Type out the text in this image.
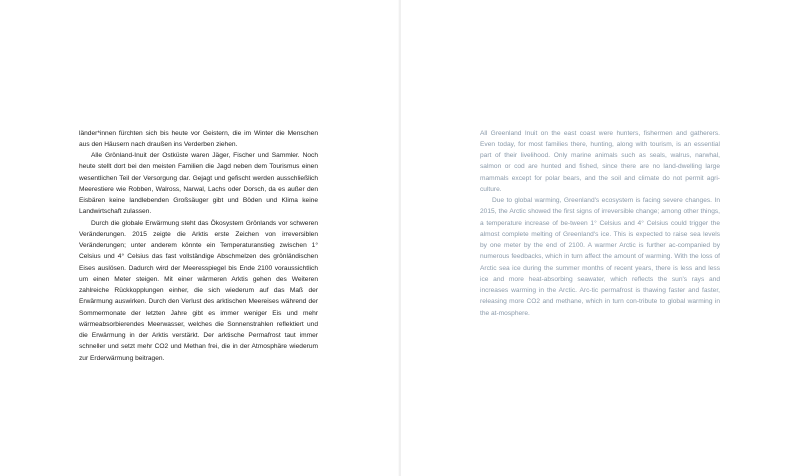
länder*innen fürchten sich bis heute vor Geistern, die im Winter die Menschen aus den Häusern nach draußen ins Verderben ziehen.

Alle Grönland-Inuit der Ostküste waren Jäger, Fischer und Sammler. Noch heute stellt dort bei den meisten Familien die Jagd neben dem Tourismus einen wesentlichen Teil der Versorgung dar. Gejagt und gefischt werden ausschließlich Meerestiere wie Robben, Walross, Narwal, Lachs oder Dorsch, da es außer den Eisbären keine landlebenden Großsäuger gibt und Böden und Klima keine Landwirtschaft zulassen.

Durch die globale Erwärmung steht das Ökosystem Grönlands vor schweren Veränderungen. 2015 zeigte die Arktis erste Zeichen von irreversiblen Veränderungen; unter anderem könnte ein Temperaturanstieg zwischen 1° Celsius und 4° Celsius das fast vollständige Abschmelzen des grönländischen Eises auslösen. Dadurch wird der Meeresspiegel bis Ende 2100 voraussichtlich um einen Meter steigen. Mit einer wärmeren Arktis gehen des Weiteren zahlreiche Rückkopplungen einher, die sich wiederum auf das Maß der Erwärmung auswirken. Durch den Verlust des arktischen Meereises während der Sommermonate der letzten Jahre gibt es immer weniger Eis und mehr wärmeabsorbierendes Meerwasser, welches die Sonnenstrahlen reflektiert und die Erwärmung in der Arktis verstärkt. Der arktische Permafrost taut immer schneller und setzt mehr CO2 und Methan frei, die in der Atmosphäre wiederum zur Erderwärmung beitragen.

All Greenland Inuit on the east coast were hunters, fishermen and gatherers. Even today, for most families there, hunting, along with tourism, is an essential part of their livelihood. Only marine animals such as seals, walrus, narwhal, salmon or cod are hunted and fished, since there are no land-dwelling large mammals except for polar bears, and the soil and climate do not permit agri-culture.

Due to global warming, Greenland's ecosystem is facing severe changes. In 2015, the Arctic showed the first signs of irreversible change; among other things, a temperature increase of be-tween 1° Celsius and 4° Celsius could trigger the almost complete melting of Greenland's ice. This is expected to raise sea levels by one meter by the end of 2100. A warmer Arctic is further ac-companied by numerous feedbacks, which in turn affect the amount of warming. With the loss of Arctic sea ice during the summer months of recent years, there is less and less ice and more heat-absorbing seawater, which reflects the sun's rays and increases warming in the Arctic. Arc-tic permafrost is thawing faster and faster, releasing more CO2 and methane, which in turn con-tribute to global warming in the at-mosphere.
